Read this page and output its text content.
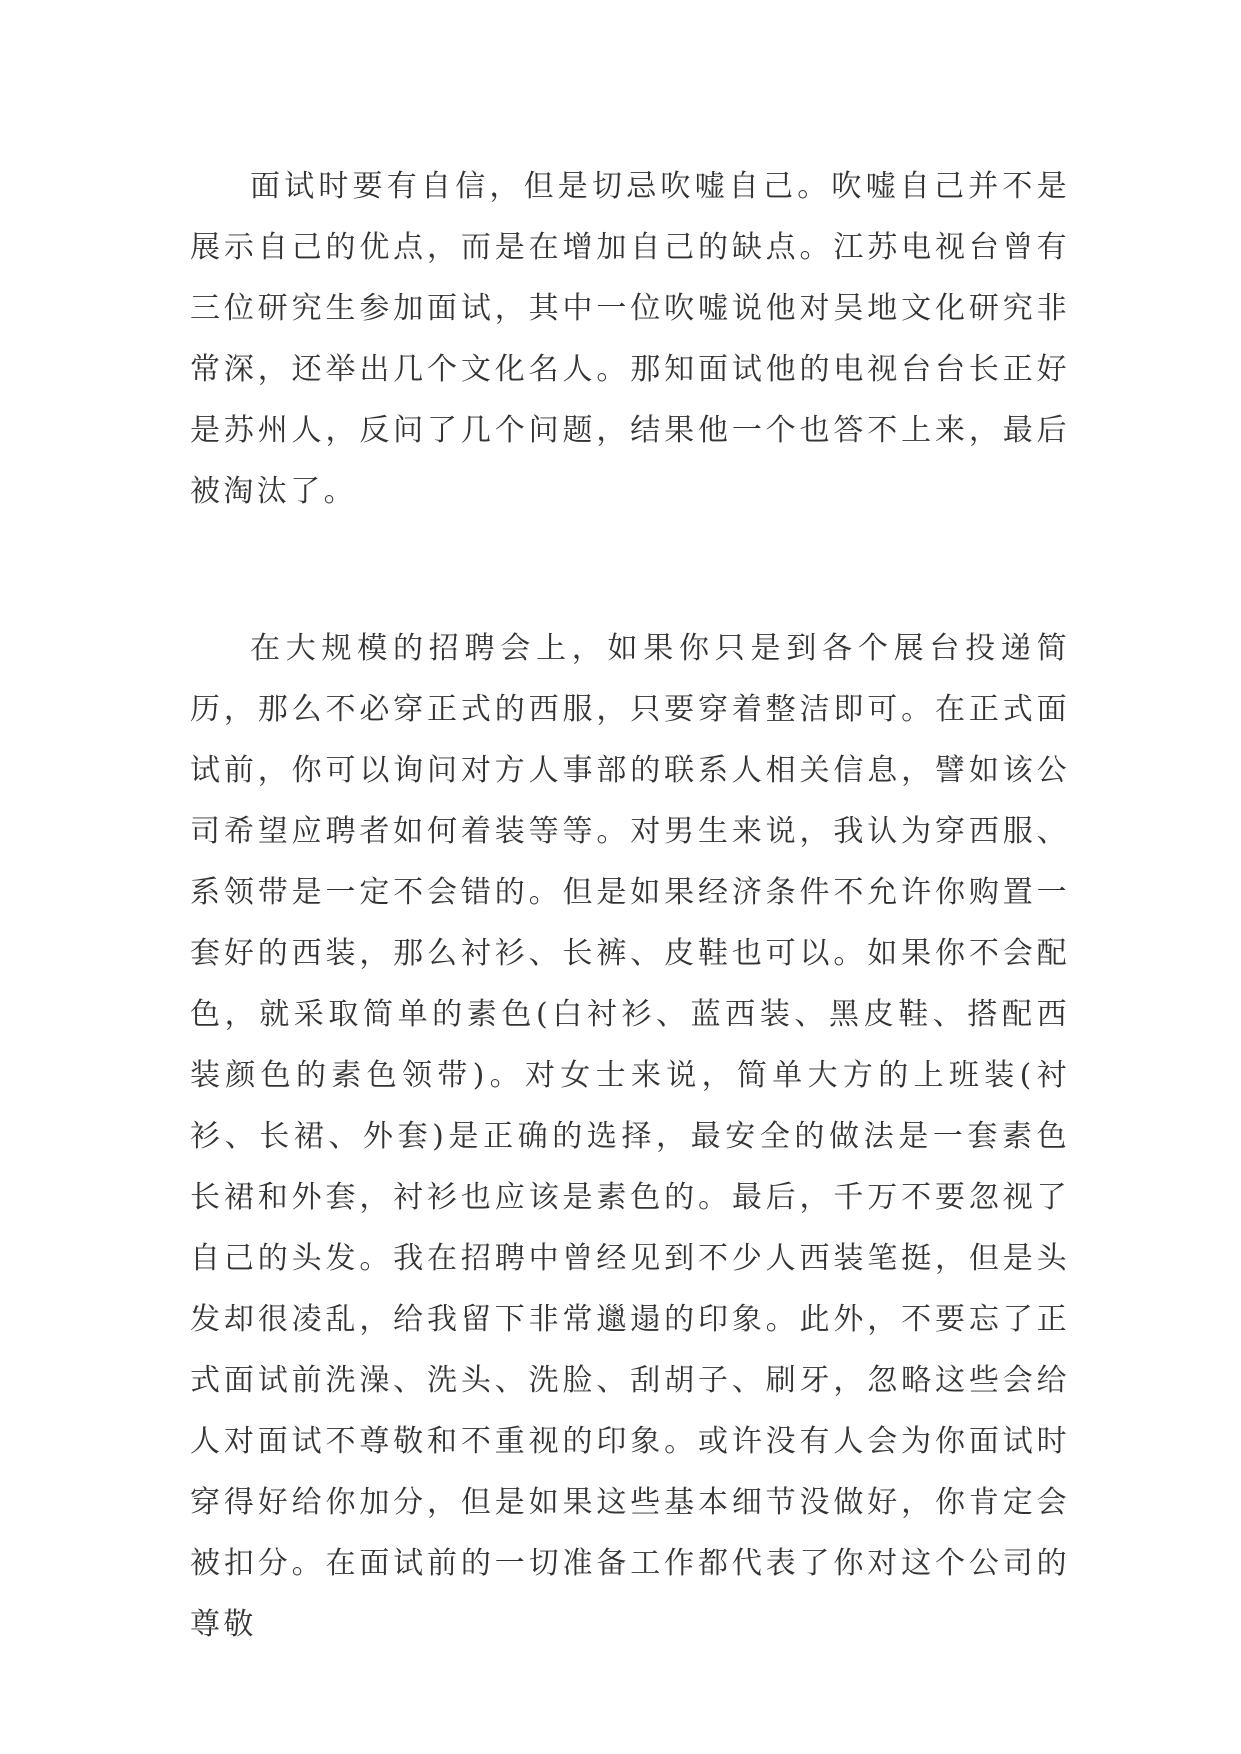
面试时要有自信，但是切忌吹嘘自己。吹嘘自己并不是展示自己的优点，而是在增加自己的缺点。江苏电视台曾有三位研究生参加面试，其中一位吹嘘说他对吴地文化研究非常深，还举出几个文化名人。那知面试他的电视台台长正好是苏州人，反问了几个问题，结果他一个也答不上来，最后被淘汰了。

在大规模的招聘会上，如果你只是到各个展台投递简历，那么不必穿正式的西服，只要穿着整洁即可。在正式面试前，你可以询问对方人事部的联系人相关信息，譬如该公司希望应聘者如何着装等等。对男生来说，我认为穿西服、系领带是一定不会错的。但是如果经济条件不允许你购置一套好的西装，那么衬衫、长裤、皮鞋也可以。如果你不会配色，就采取简单的素色(白衬衫、蓝西装、黑皮鞋、搭配西装颜色的素色领带)。对女士来说，简单大方的上班装(衬衫、长裙、外套)是正确的选择，最安全的做法是一套素色长裙和外套，衬衫也应该是素色的。最后，千万不要忽视了自己的头发。我在招聘中曾经见到不少人西装笔挺，但是头发却很凌乱，给我留下非常邋遢的印象。此外，不要忘了正式面试前洗澡、洗头、洗脸、刮胡子、刷牙，忽略这些会给人对面试不尊敬和不重视的印象。或许没有人会为你面试时穿得好给你加分，但是如果这些基本细节没做好，你肯定会被扣分。在面试前的一切准备工作都代表了你对这个公司的尊敬
